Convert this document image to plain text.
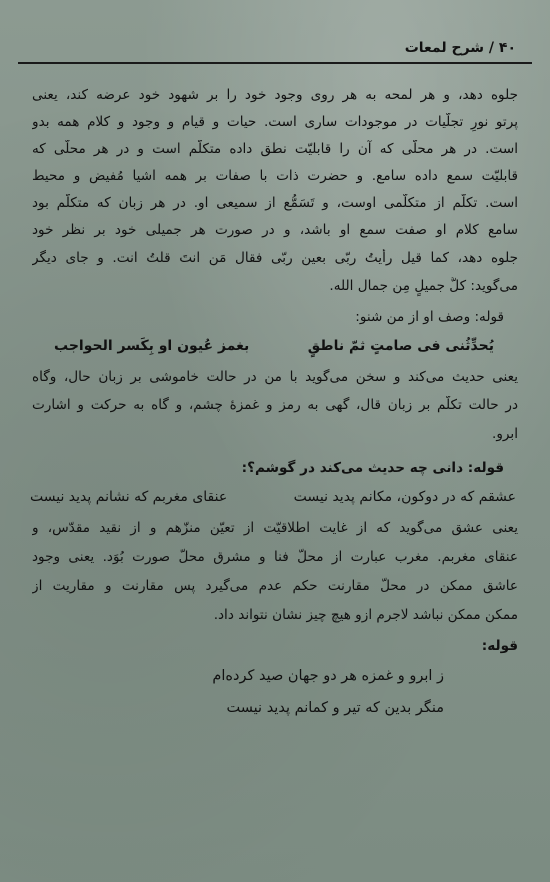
۴۰ / شرح لمعات
جلوه دهد، و هر لمحه به هر روی وجود خود را بر شهود خود عرضه کند، یعنی
پرتو نورِ تجلّیات در موجودات ساری است. حیات و قیام و وجود و کلام همه بدو
است. در هر محلّی که آن را قابلیّت نطق داده متکلّم است و در هر محلّی که
قابلیّت سمع داده سامع. و حضرت ذات با صفات بر همه اشیا مُفیض و محیط
است. تکلّم از متکلّمی اوست، و تَسَمُّع از سمیعی او. در هر زبان که متکلّم بود
سامع کلام او صفت سمع او باشد، و در صورت هر جمیلی خود بر نظر خود
جلوه دهد، کما قیل رأیتُ ربّی بعین ربّی فقال مَن انتَ قلتُ انت. و جای دیگر
می‌گوید: کلُّ جمیلٍ مِن جمال الله.
قوله: وصف او از من شنو:
یُحدِّثُنی فی صامتٍ ثمّ ناطقٍ
بغمز عُیون او بِکَسر الحواجب
یعنی حدیث می‌کند و سخن می‌گوید با من در حالت خاموشی بر زبان حال، وگاه
در حالت تکلّم بر زبان قال، گهی به رمز و غمزهٔ چشم، و گاه به حرکت و اشارت
ابرو.
قوله: دانی چه حدیث می‌کند در گوشم؟:
عشقم که در دوکون، مکانم پدید نیست
عنقای مغربم که نشانم پدید نیست
یعنی عشق می‌گوید که از غایت اطلاقیّت از تعیّن منزّهم و از نقید مقدّس، و
عنقای مغربم. مغرب عبارت از محلّ فنا و مشرق محلّ صورت بُوَد. یعنی وجود
عاشق ممکن در محلّ مقارنت حکم عدم می‌گیرد پس مقارنت و مقاریت از
ممکن ممکن نباشد لاجرم ازو هیچ چیز نشان نتواند داد.
قوله:
ز ابرو و غمزه هر دو جهان صید کرده‌ام
منگر بدین که تیر و کمانم پدید نیست
